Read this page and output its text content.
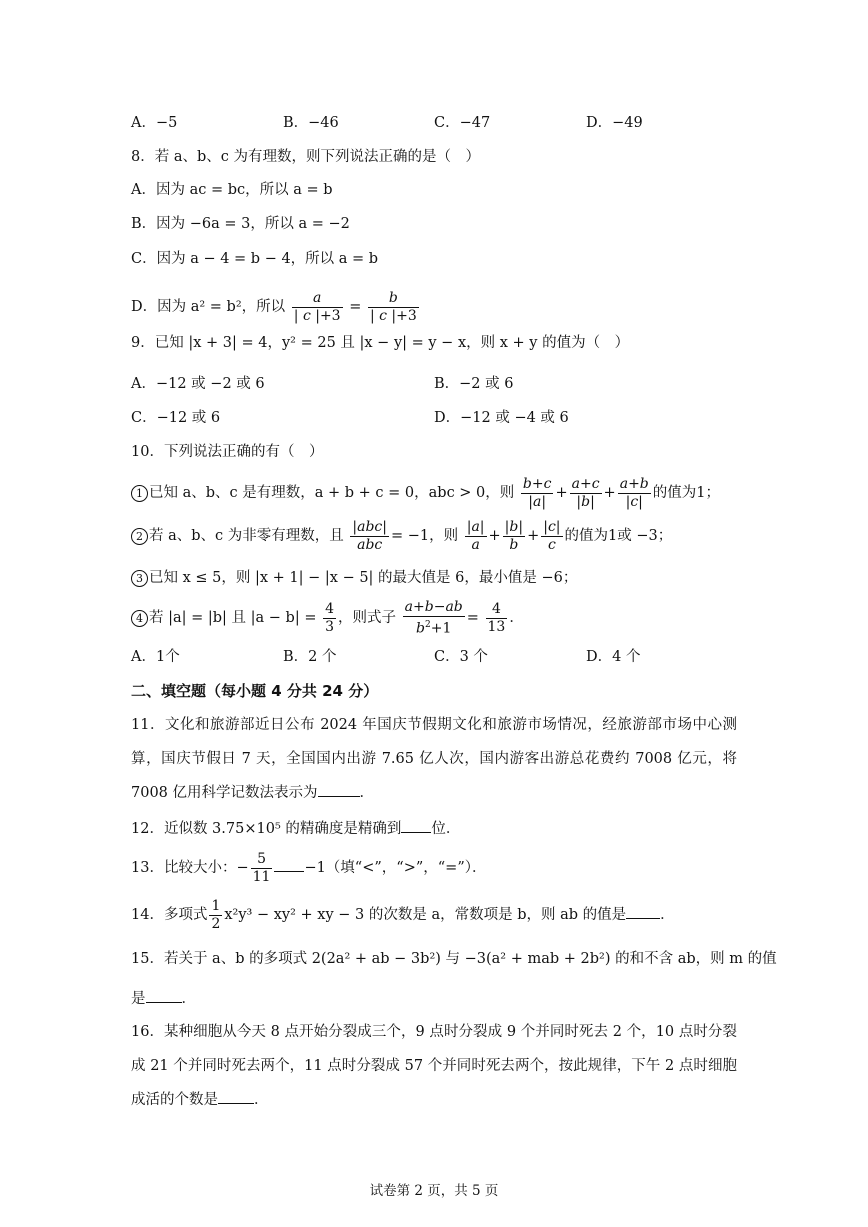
A．−5	B．−46	C．−47	D．−49
8．若 a、b、c 为有理数，则下列说法正确的是（　）
A．因为 ac = bc，所以 a = b
B．因为 −6a = 3，所以 a = −2
C．因为 a − 4 = b − 4，所以 a = b
D．因为 a² = b²，所以 $\frac{a}{| c |+3} = \frac{b}{| c |+3}$
9．已知 |x + 3| = 4，y² = 25 且 |x − y| = y − x，则 x + y 的值为（　）
A．−12 或 −2 或 6	B．−2 或 6
C．−12 或 6	D．−12 或 −4 或 6
10．下列说法正确的有（　）
1 已知 a、b、c 是有理数，a + b + c = 0，abc > 0，则 $\frac{b+c}{|a|} + \frac{a+c}{|b|} + \frac{a+b}{|c|}$ 的值为1；
2 若 a、b、c 为非零有理数，且 $\frac{\text{|abc|}}{\text{abc}} = -1$，则 $\frac{|a|}{a} + \frac{|b|}{b} + \frac{|c|}{c}$ 的值为1或 −3；
3 已知 x ≤ 5，则 |x + 1| − |x − 5| 的最大值是 6，最小值是 −6；
4 若 |a| = |b| 且 $|a - b| = \frac{4}{3}$ ，则式子 $\frac{a+b-ab}{b^2+1} = \frac{4}{13}$ ．
A．1个	B．2 个	C．3 个	D．4 个
二、填空题（每小题 4 分共 24 分）
11．文化和旅游部近日公布 2024 年国庆节假期文化和旅游市场情况，经旅游部市场中心测算，国庆节假日 7 天，全国国内出游 7.65 亿人次，国内游客出游总花费约 7008 亿元，将 7008 亿用科学记数法表示为	．
12．近似数 3.75×10⁵ 的精确度是精确到 位．
13．比较大小：− $\frac{5}{11} -1$（填“<”，“>”，“=”）．
14．多项式 $\frac{1}{2} x^2y^3 - xy^2$ + xy − 3 的次数是 a，常数项是 b，则 ab 的值是 ．
15．若关于 a、b 的多项式 2(2a² + ab − 3b²) 与 −3(a² + mab + 2b²) 的和不含 ab，则 m 的值
是 ．
16．某种细胞从今天 8 点开始分裂成三个，9 点时分裂成 9 个并同时死去 2 个，10 点时分裂成 21 个并同时死去两个，11 点时分裂成 57 个并同时死去两个，按此规律，下午 2 点时细胞成活的个数是 ．
试卷第 2 页，共 5 页
